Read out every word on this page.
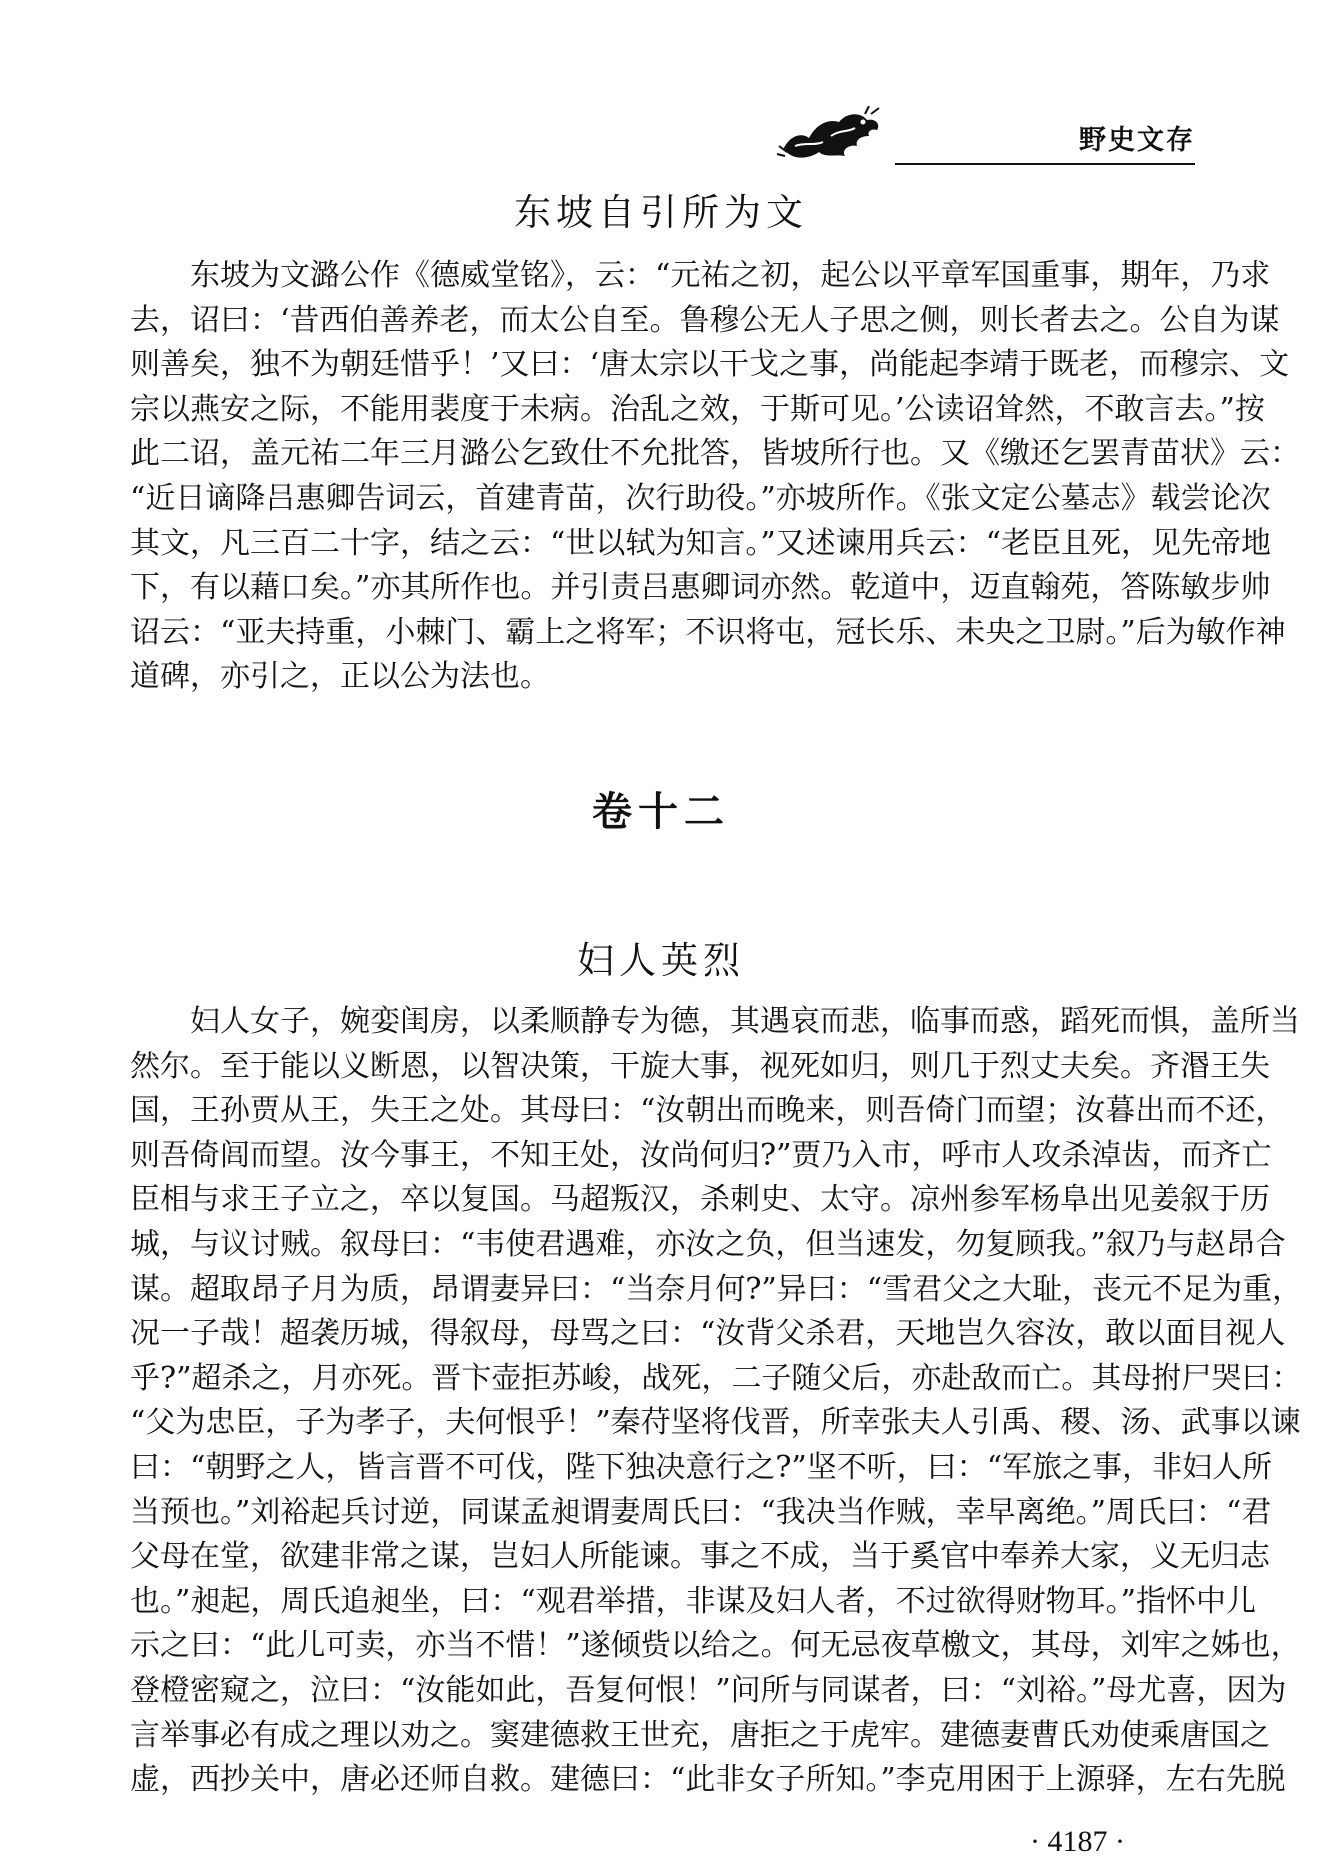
野史文存
东坡自引所为文
东坡为文潞公作《德威堂铭》，云：“元祐之初，起公以平章军国重事，期年，乃求
去，诏曰：‘昔西伯善养老，而太公自至。鲁穆公无人子思之侧，则长者去之。公自为谋
则善矣，独不为朝廷惜乎！’又曰：‘唐太宗以干戈之事，尚能起李靖于既老，而穆宗、文
宗以燕安之际，不能用裴度于未病。治乱之效，于斯可见。’公读诏耸然，不敢言去。”按
此二诏，盖元祐二年三月潞公乞致仕不允批答，皆坡所行也。又《缴还乞罢青苗状》云：
“近日谪降吕惠卿告词云，首建青苗，次行助役。”亦坡所作。《张文定公墓志》载尝论次
其文，凡三百二十字，结之云：“世以轼为知言。”又述谏用兵云：“老臣且死，见先帝地
下，有以藉口矣。”亦其所作也。并引责吕惠卿词亦然。乾道中，迈直翰苑，答陈敏步帅
诏云：“亚夫持重，小棘门、霸上之将军；不识将屯，冠长乐、未央之卫尉。”后为敏作神
道碑，亦引之，正以公为法也。
卷十二
妇人英烈
妇人女子，婉娈闺房，以柔顺静专为德，其遇哀而悲，临事而惑，蹈死而惧，盖所当
然尔。至于能以义断恩，以智决策，干旋大事，视死如归，则几于烈丈夫矣。齐湣王失
国，王孙贾从王，失王之处。其母曰：“汝朝出而晚来，则吾倚门而望；汝暮出而不还，
则吾倚闾而望。汝今事王，不知王处，汝尚何归?”贾乃入市，呼市人攻杀淖齿，而齐亡
臣相与求王子立之，卒以复国。马超叛汉，杀刺史、太守。凉州参军杨阜出见姜叙于历
城，与议讨贼。叙母曰：“韦使君遇难，亦汝之负，但当速发，勿复顾我。”叙乃与赵昂合
谋。超取昂子月为质，昂谓妻异曰：“当奈月何?”异曰：“雪君父之大耻，丧元不足为重，
况一子哉！超袭历城，得叙母，母骂之曰：“汝背父杀君，天地岂久容汝，敢以面目视人
乎?”超杀之，月亦死。晋卞壶拒苏峻，战死，二子随父后，亦赴敌而亡。其母拊尸哭曰：
“父为忠臣，子为孝子，夫何恨乎！”秦苻坚将伐晋，所幸张夫人引禹、稷、汤、武事以谏
曰：“朝野之人，皆言晋不可伐，陛下独决意行之?”坚不听，曰：“军旅之事，非妇人所
当预也。”刘裕起兵讨逆，同谋孟昶谓妻周氏曰：“我决当作贼，幸早离绝。”周氏曰：“君
父母在堂，欲建非常之谋，岂妇人所能谏。事之不成，当于奚官中奉养大家，义无归志
也。”昶起，周氏追昶坐，曰：“观君举措，非谋及妇人者，不过欲得财物耳。”指怀中儿
示之曰：“此儿可卖，亦当不惜！”遂倾赀以给之。何无忌夜草檄文，其母，刘牢之姊也，
登橙密窥之，泣曰：“汝能如此，吾复何恨！”问所与同谋者，曰：“刘裕。”母尤喜，因为
言举事必有成之理以劝之。窦建德救王世充，唐拒之于虎牢。建德妻曹氏劝使乘唐国之
虚，西抄关中，唐必还师自救。建德曰：“此非女子所知。”李克用困于上源驿，左右先脱
· 4187 ·
